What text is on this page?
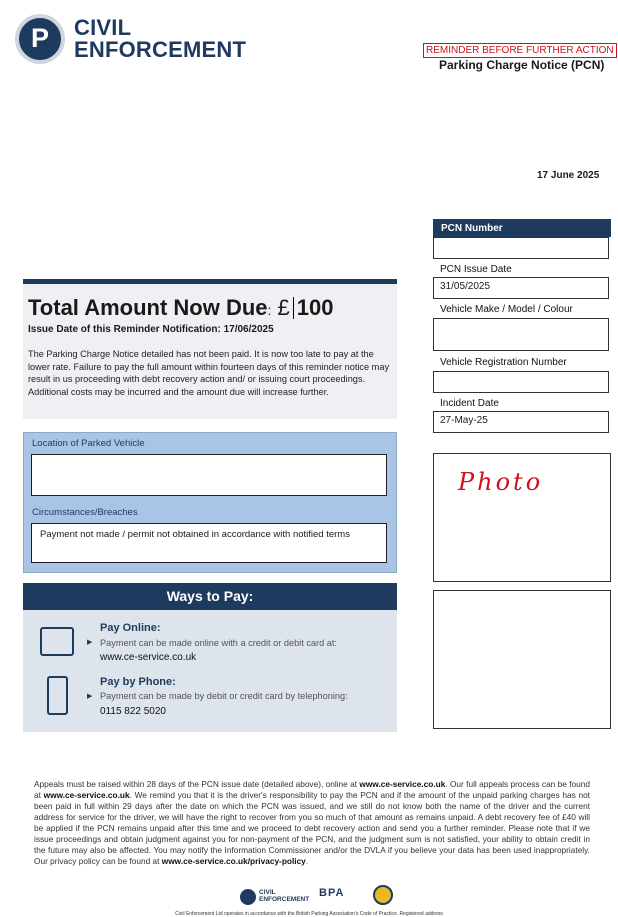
P	CIVIL
ENFORCEMENT	REMINDER BEFORE FURTHER ACTION
Parking Charge Notice (PCN)
17 June 2025
PCN Number
PCN Issue Date
31/05/2025
Vehicle Make / Model / Colour
Vehicle Registration Number
Incident Date
27-May-25
Photo
Total Amount Now Due: £ 100
Issue Date of this Reminder Notification: 17/06/2025
The Parking Charge Notice detailed has not been paid. It is now too late to pay at the lower rate. Failure to pay the full amount within fourteen days of this reminder notice may result in us proceeding with debt recovery action and/ or issuing court proceedings. Additional costs may be incurred and the amount due will increase further.
Location of Parked Vehicle
Circumstances/Breaches
Payment not made / permit not obtained in accordance with notified terms
Ways to Pay:
Pay Online:
▶ Payment can be made online with a credit or debit card at:
www.ce-service.co.uk
Pay by Phone:
▶ Payment can be made by debit or credit card by telephoning:
0115 822 5020
Appeals must be raised within 28 days of the PCN issue date (detailed above), online at www.ce-service.co.uk. Our full appeals process can be found at www.ce-service.co.uk. We remind you that it is the driver's responsibility to pay the PCN and if the amount of the unpaid parking charges has not been paid in full within 29 days after the date on which the PCN was issued, and we still do not know both the name of the driver and the current address for service for the driver, we will have the right to recover from you so much of that amount as remains unpaid. A debt recovery fee of £40 will be applied if the PCN remains unpaid after this time and we proceed to debt recovery action and send you a further reminder. Please note that if we issue proceedings and obtain judgment against you for non-payment of the PCN, and the judgment sum is not satisfied, your ability to obtain credit in the future may also be affected. You may notify the Information Commissioner and/or the DVLA if you believe your data has been used inappropriately. Our privacy policy can be found at www.ce-service.co.uk/privacy-policy.
CIVIL
ENFORCEMENT
BPA
Civil Enforcement Ltd operates in accordance with the British Parking Association's Code of Practice. Registered address
